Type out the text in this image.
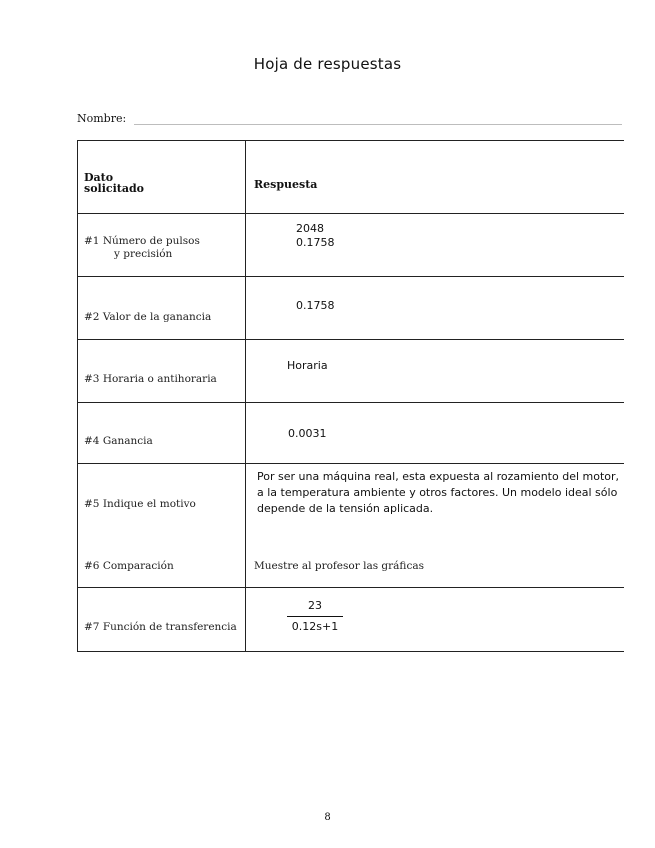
Hoja de respuestas
Nombre:
Dato
solicitado	Respuesta
#1 Número de pulsos
y precisión
2048
0.1758
#2 Valor de la ganancia
0.1758
#3 Horaria o antihoraria
Horaria
#4 Ganancia
0.0031
#5 Indique el motivo
Por ser una máquina real, esta expuesta al rozamiento del motor, a la temperatura ambiente y otros factores. Un modelo ideal sólo depende de la tensión aplicada.
#6 Comparación	Muestre al profesor las gráficas
#7 Función de transferencia
23
0.12s+1
8
